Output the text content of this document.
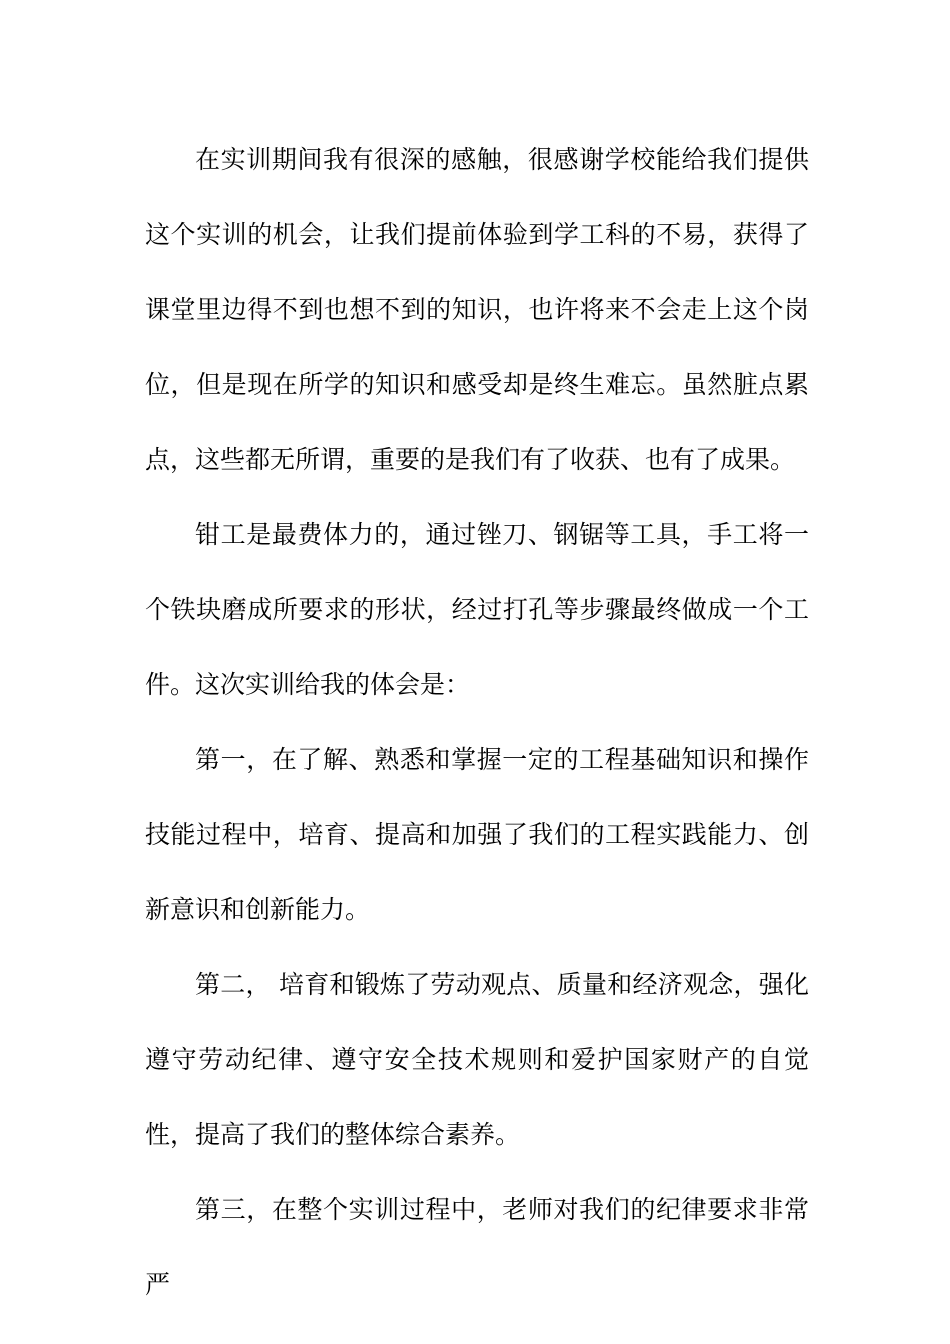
在实训期间我有很深的感触，很感谢学校能给我们提供这个实训的机会，让我们提前体验到学工科的不易，获得了课堂里边得不到也想不到的知识，也许将来不会走上这个岗位，但是现在所学的知识和感受却是终生难忘。虽然脏点累点，这些都无所谓，重要的是我们有了收获、也有了成果。

钳工是最费体力的，通过锉刀、钢锯等工具，手工将一个铁块磨成所要求的形状，经过打孔等步骤最终做成一个工件。这次实训给我的体会是：

第一，在了解、熟悉和掌握一定的工程基础知识和操作技能过程中，培育、提高和加强了我们的工程实践能力、创新意识和创新能力。

第二， 培育和锻炼了劳动观点、质量和经济观念，强化遵守劳动纪律、遵守安全技术规则和爱护国家财产的自觉性，提高了我们的整体综合素养。

第三，在整个实训过程中，老师对我们的纪律要求非常严
